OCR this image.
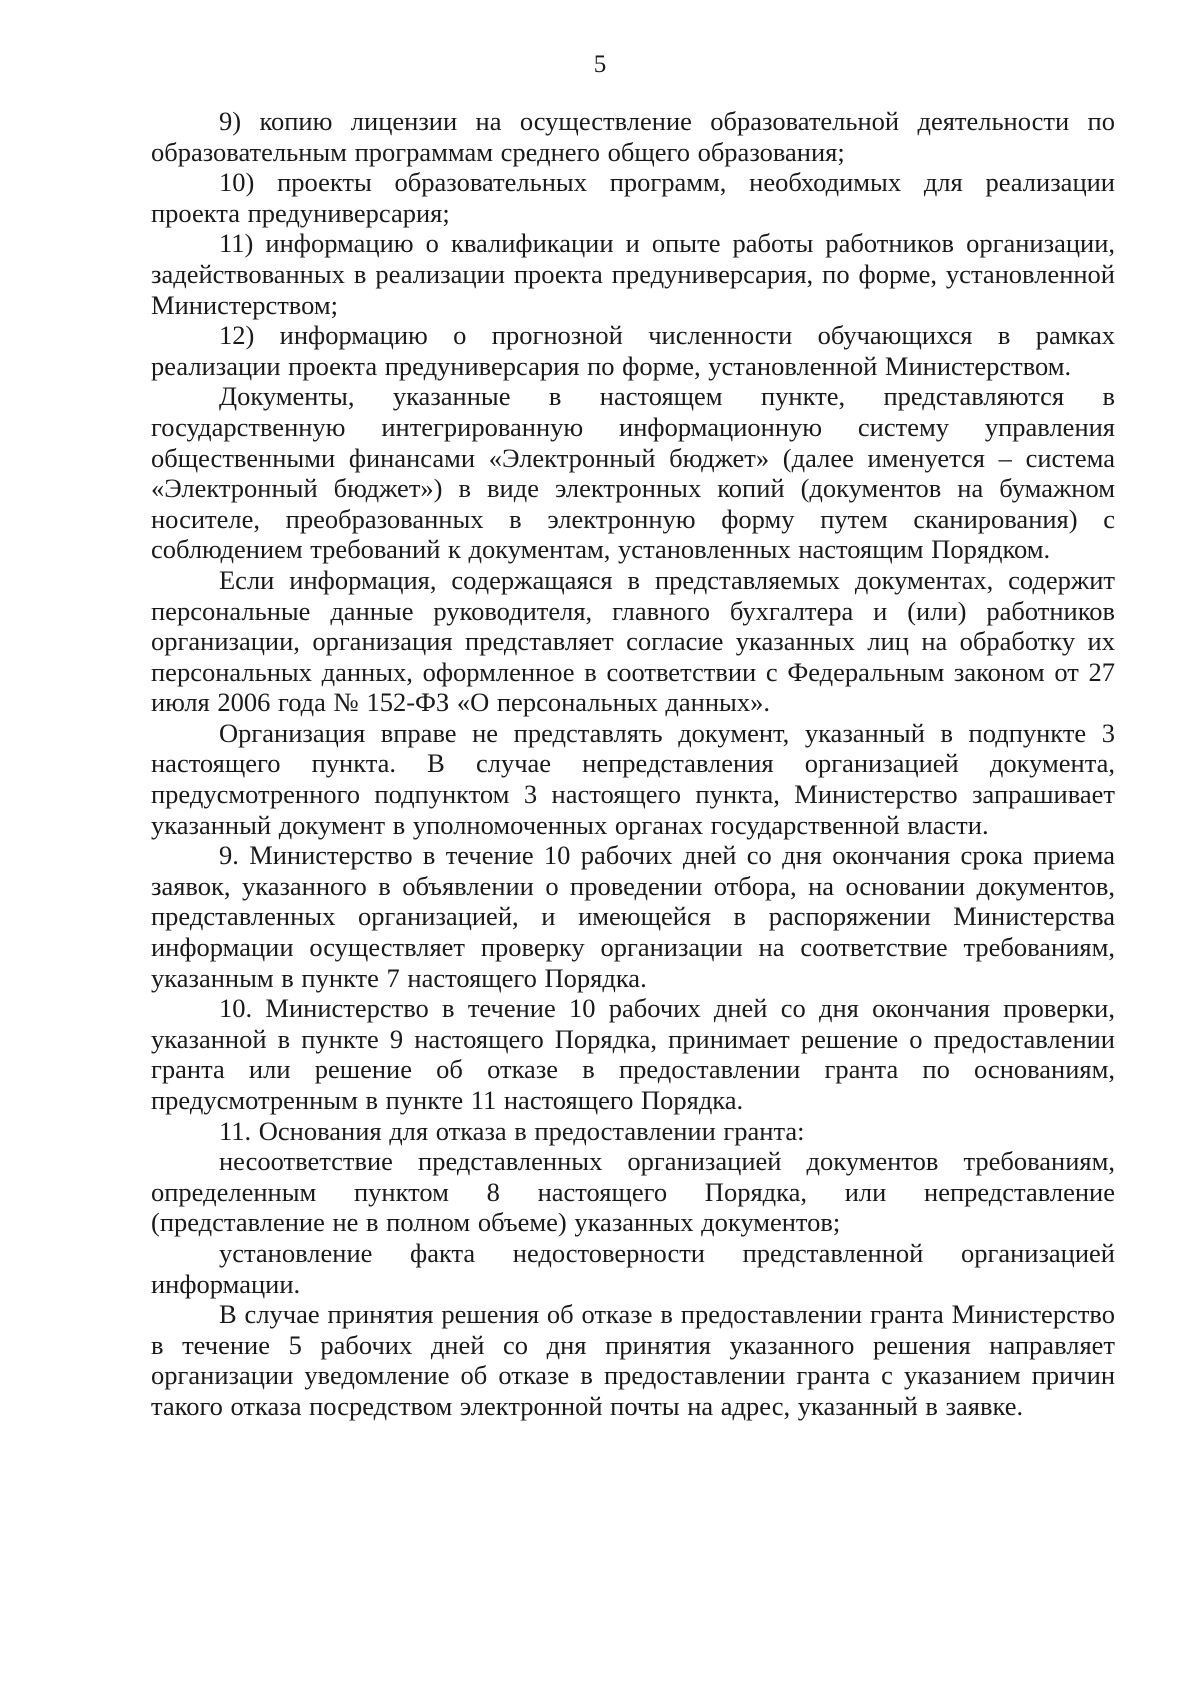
5

9) копию лицензии на осуществление образовательной деятельности по образовательным программам среднего общего образования;

10) проекты образовательных программ, необходимых для реализации проекта предуниверсария;

11) информацию о квалификации и опыте работы работников организации, задействованных в реализации проекта предуниверсария, по форме, установленной Министерством;

12) информацию о прогнозной численности обучающихся в рамках реализации проекта предуниверсария по форме, установленной Министерством.

Документы, указанные в настоящем пункте, представляются в государственную интегрированную информационную систему управления общественными финансами «Электронный бюджет» (далее именуется – система «Электронный бюджет») в виде электронных копий (документов на бумажном носителе, преобразованных в электронную форму путем сканирования) с соблюдением требований к документам, установленных настоящим Порядком.

Если информация, содержащаяся в представляемых документах, содержит персональные данные руководителя, главного бухгалтера и (или) работников организации, организация представляет согласие указанных лиц на обработку их персональных данных, оформленное в соответствии с Федеральным законом от 27 июля 2006 года № 152-ФЗ «О персональных данных».

Организация вправе не представлять документ, указанный в подпункте 3 настоящего пункта. В случае непредставления организацией документа, предусмотренного подпунктом 3 настоящего пункта, Министерство запрашивает указанный документ в уполномоченных органах государственной власти.

9. Министерство в течение 10 рабочих дней со дня окончания срока приема заявок, указанного в объявлении о проведении отбора, на основании документов, представленных организацией, и имеющейся в распоряжении Министерства информации осуществляет проверку организации на соответствие требованиям, указанным в пункте 7 настоящего Порядка.

10. Министерство в течение 10 рабочих дней со дня окончания проверки, указанной в пункте 9 настоящего Порядка, принимает решение о предоставлении гранта или решение об отказе в предоставлении гранта по основаниям, предусмотренным в пункте 11 настоящего Порядка.

11. Основания для отказа в предоставлении гранта:

несоответствие представленных организацией документов требованиям, определенным пунктом 8 настоящего Порядка, или непредставление (представление не в полном объеме) указанных документов;

установление факта недостоверности представленной организацией информации.

В случае принятия решения об отказе в предоставлении гранта Министерство в течение 5 рабочих дней со дня принятия указанного решения направляет организации уведомление об отказе в предоставлении гранта с указанием причин такого отказа посредством электронной почты на адрес, указанный в заявке.
